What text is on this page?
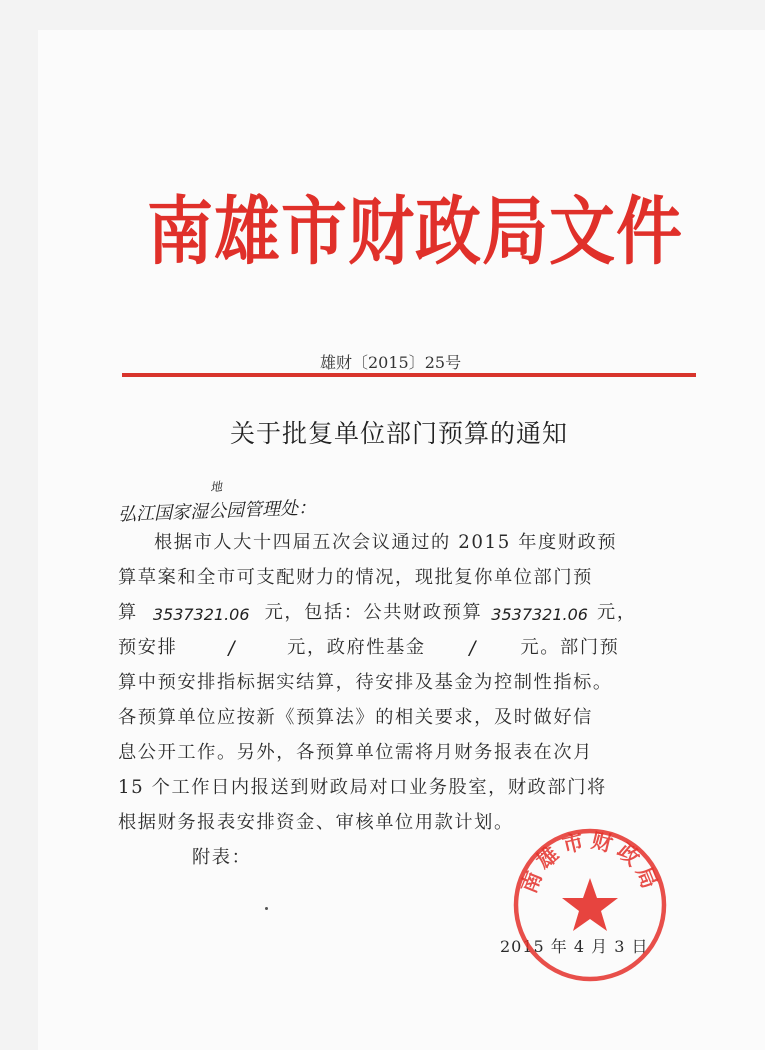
南雄市财政局文件
雄财〔2015〕25号
关于批复单位部门预算的通知
弘江国家湿公园管理处：
地
根据市人大十四届五次会议通过的 2015 年度财政预
算草案和全市可支配财力的情况，现批复你单位部门预
算 3537321.06 元，包括：公共财政预算 3537321.06 元，
预安排	/	元，政府性基金 / 元。部门预
算中预安排指标据实结算，待安排及基金为控制性指标。
各预算单位应按新《预算法》的相关要求，及时做好信
息公开工作。另外，各预算单位需将月财务报表在次月
15 个工作日内报送到财政局对口业务股室，财政部门将
根据财务报表安排资金、审核单位用款计划。
附表：
2015 年 4 月 3 日
南雄市财政局
